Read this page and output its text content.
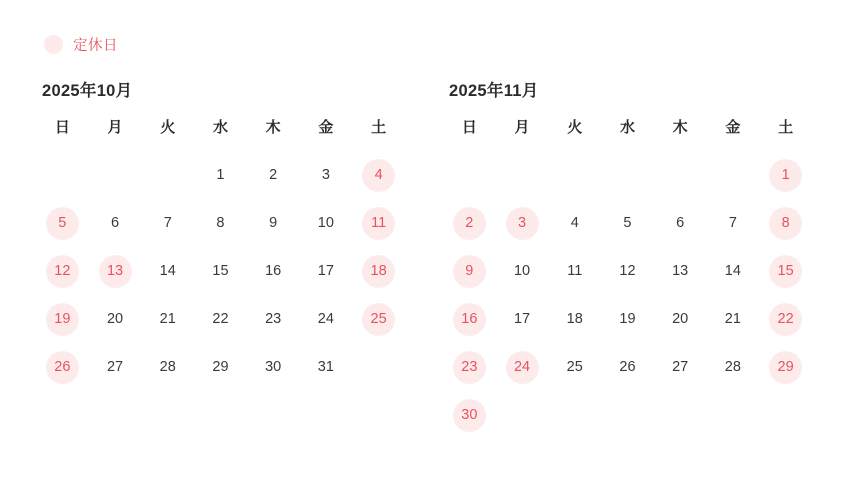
定休日
2025年10月
日	月	火	水	木	金	土

			1	2	3	4

5	6	7	8	9	10	11

12	13	14	15	16	17	18

19	20	21	22	23	24	25

26	27	28	29	30	31	

2025年11月
日	月	火	水	木	金	土

						1

2	3	4	5	6	7	8

9	10	11	12	13	14	15

16	17	18	19	20	21	22

23	24	25	26	27	28	29

30						
